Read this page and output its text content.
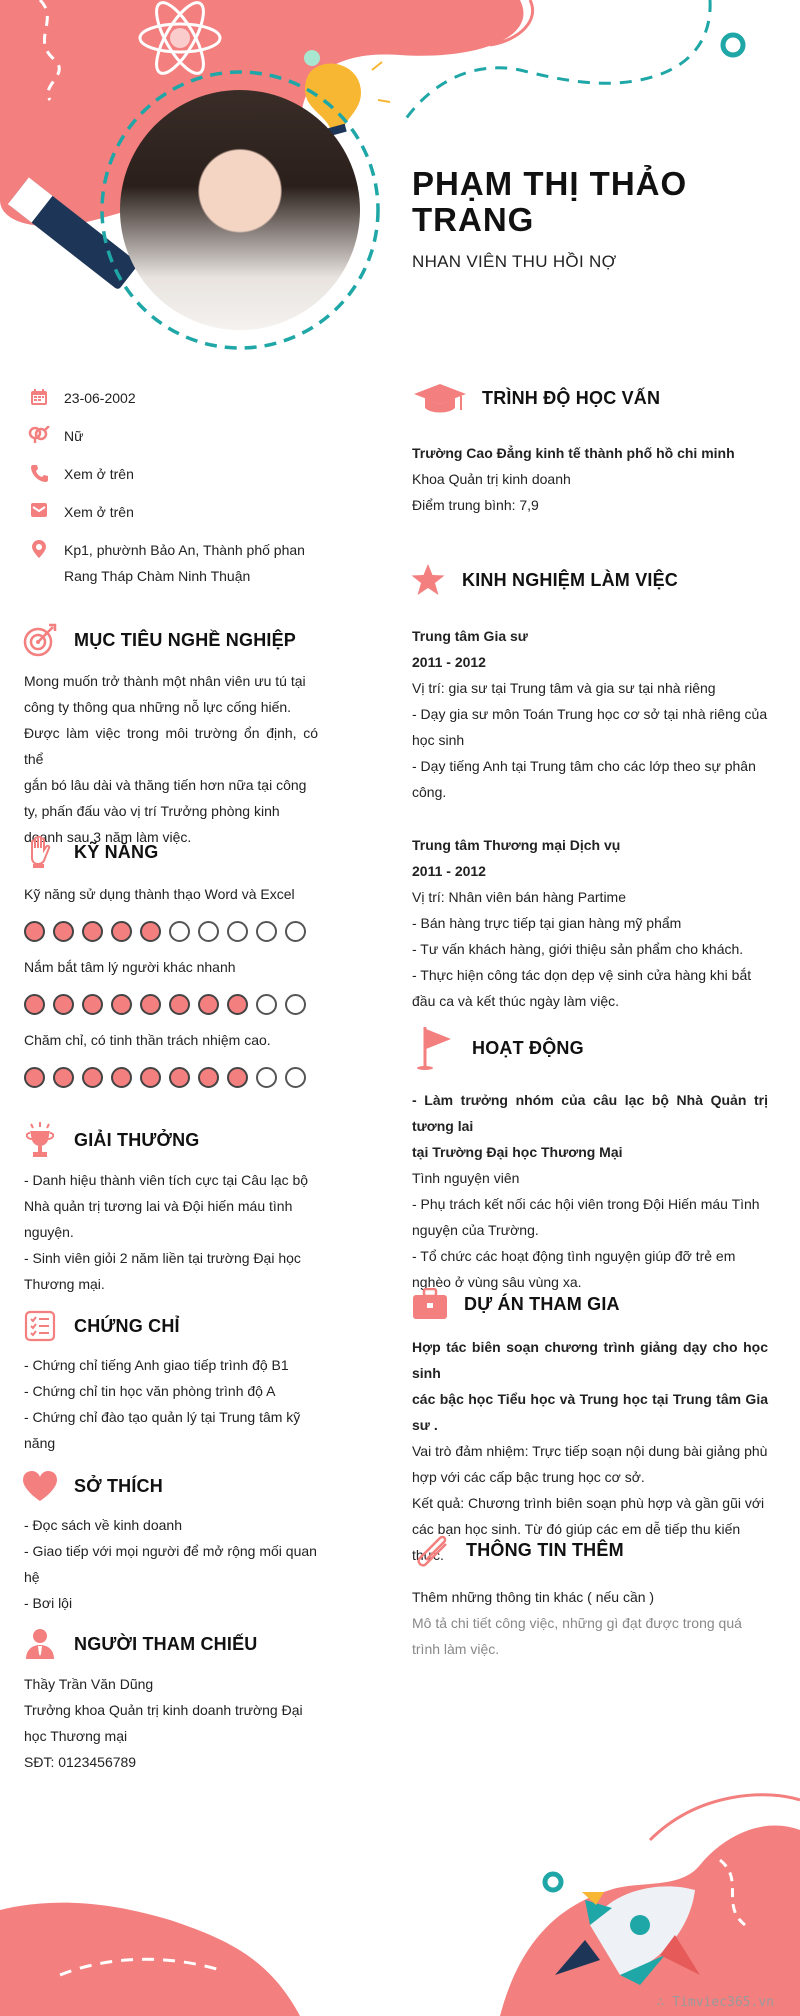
PHẠM THỊ THẢO TRANG
NHAN VIÊN THU HỒI NỢ
23-06-2002
Nữ
Xem ở trên
Xem ở trên
Kp1, phườnh Bảo An, Thành phố phan
Rang Tháp Chàm Ninh Thuận
MỤC TIÊU NGHỀ NGHIỆP

Mong muốn trở thành một nhân viên ưu tú tại

công ty thông qua những nỗ lực cống hiến.

Được làm việc trong môi trường ổn định, có thể

gắn bó lâu dài và thăng tiến hơn nữa tại công

ty, phấn đấu vào vị trí Trưởng phòng kinh

doanh sau 3 năm làm việc.

KỸ NĂNG
Kỹ năng sử dụng thành thạo Word và Excel
Nắm bắt tâm lý người khác nhanh
Chăm chỉ, có tinh thần trách nhiệm cao.
GIẢI THƯỞNG

- Danh hiệu thành viên tích cực tại Câu lạc bộ

Nhà quản trị tương lai và Đội hiến máu tình

nguyện.

- Sinh viên giỏi 2 năm liền tại trường Đại học

Thương mại.

CHỨNG CHỈ

- Chứng chỉ tiếng Anh giao tiếp trình độ B1

- Chứng chỉ tin học văn phòng trình độ A

- Chứng chỉ đào tạo quản lý tại Trung tâm kỹ

năng

SỞ THÍCH

- Đọc sách về kinh doanh

- Giao tiếp với mọi người để mở rộng mối quan

hệ

- Bơi lội

NGƯỜI THAM CHIẾU

Thầy Trần Văn Dũng

Trưởng khoa Quản trị kinh doanh trường Đại

học Thương mại

SĐT: 0123456789

TRÌNH ĐỘ HỌC VẤN

Trường Cao Đẳng kinh tế thành phố hồ chi minh

Khoa Quản trị kinh doanh

Điểm trung bình: 7,9

KINH NGHIỆM LÀM VIỆC

Trung tâm Gia sư

2011 - 2012

Vị trí: gia sư tại Trung tâm và gia sư tại nhà riêng

- Dạy gia sư môn Toán Trung học cơ sở tại nhà riêng của

học sinh

- Dạy tiếng Anh tại Trung tâm cho các lớp theo sự phân

công.

Trung tâm Thương mại Dịch vụ

2011 - 2012

Vị trí: Nhân viên bán hàng Partime

- Bán hàng trực tiếp tại gian hàng mỹ phẩm

- Tư vấn khách hàng, giới thiệu sản phẩm cho khách.

- Thực hiện công tác dọn dẹp vệ sinh cửa hàng khi bắt

đầu ca và kết thúc ngày làm việc.

HOẠT ĐỘNG

- Làm trưởng nhóm của câu lạc bộ Nhà Quản trị tương lai

tại Trường Đại học Thương Mại

Tình nguyện viên

- Phụ trách kết nối các hội viên trong Đội Hiến máu Tình

nguyện của Trường.

- Tổ chức các hoạt động tình nguyện giúp đỡ trẻ em

nghèo ở vùng sâu vùng xa.

DỰ ÁN THAM GIA

Hợp tác biên soạn chương trình giảng dạy cho học sinh

các bậc học Tiểu học và Trung học tại Trung tâm Gia sư .

Vai trò đảm nhiệm: Trực tiếp soạn nội dung bài giảng phù

hợp với các cấp bậc trung học cơ sở.

Kết quả: Chương trình biên soạn phù hợp và gần gũi với

các bạn học sinh. Từ đó giúp các em dễ tiếp thu kiến

thức.	THÔNG TIN THÊM

Thêm những thông tin khác ( nếu cần )

Mô tả chi tiết công việc, những gì đạt được trong quá

trình làm việc.

∴ Timviec365.vn
